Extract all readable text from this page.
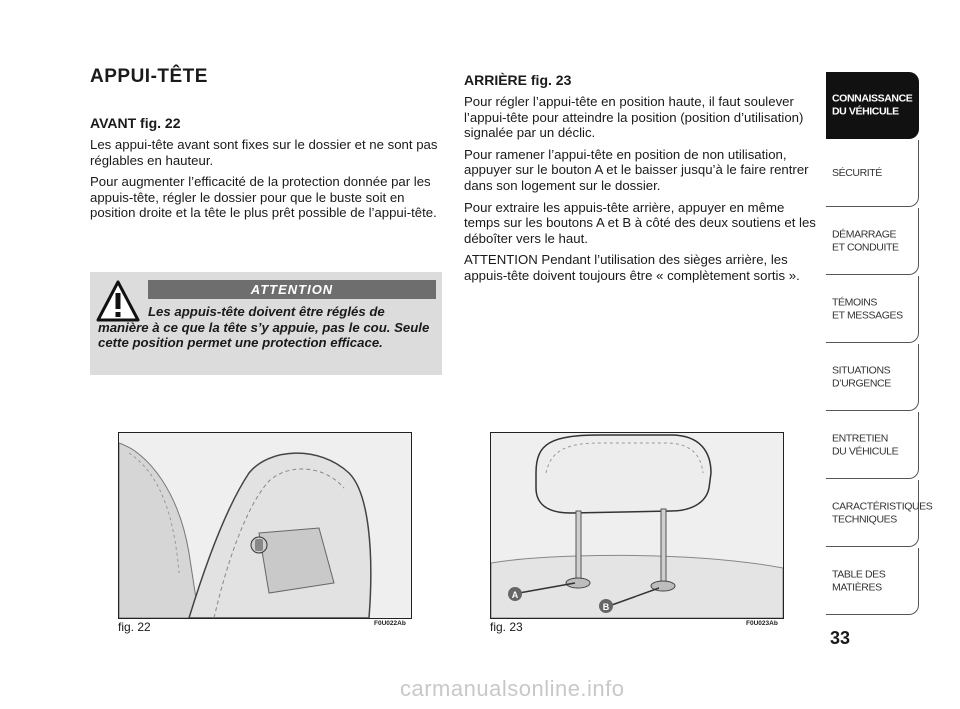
APPUI-TÊTE

AVANT fig. 22

Les appui-tête avant sont fixes sur le dossier et ne sont pas réglables en hauteur.

Pour augmenter l’efficacité de la protection donnée par les appuis-tête, régler le dossier pour que le buste soit en position droite et la tête le plus prêt possible de l’appui-tête.

ATTENTION
Les appuis-tête doivent être réglés de manière à ce que la tête s’y appuie, pas le cou. Seule cette position permet une protection efficace.

ARRIÈRE fig. 23

Pour régler l’appui-tête en position haute, il faut soulever l’appui-tête pour atteindre la position (position d’utilisation) signalée par un déclic.

Pour ramener l’appui-tête en position de non utilisation, appuyer sur le bouton A et le baisser jusqu’à le faire rentrer dans son logement sur le dossier.

Pour extraire les appuis-tête arrière, appuyer en même temps sur les boutons A et B à côté des deux soutiens et les déboîter vers le haut.

ATTENTION Pendant l’utilisation des sièges arrière, les appuis-tête doivent toujours être « complètement sortis ».

fig. 22	F0U022Ab
A
B
fig. 23	F0U023Ab
CONNAISSANCE
DU VÉHICULE
SÉCURITÉ
DÉMARRAGE
ET CONDUITE
TÉMOINS
ET MESSAGES
SITUATIONS
D’URGENCE
ENTRETIEN
DU VÉHICULE
CARACTÉRISTIQUES
TECHNIQUES
TABLE DES
MATIÈRES
33
carmanualsonline.info
